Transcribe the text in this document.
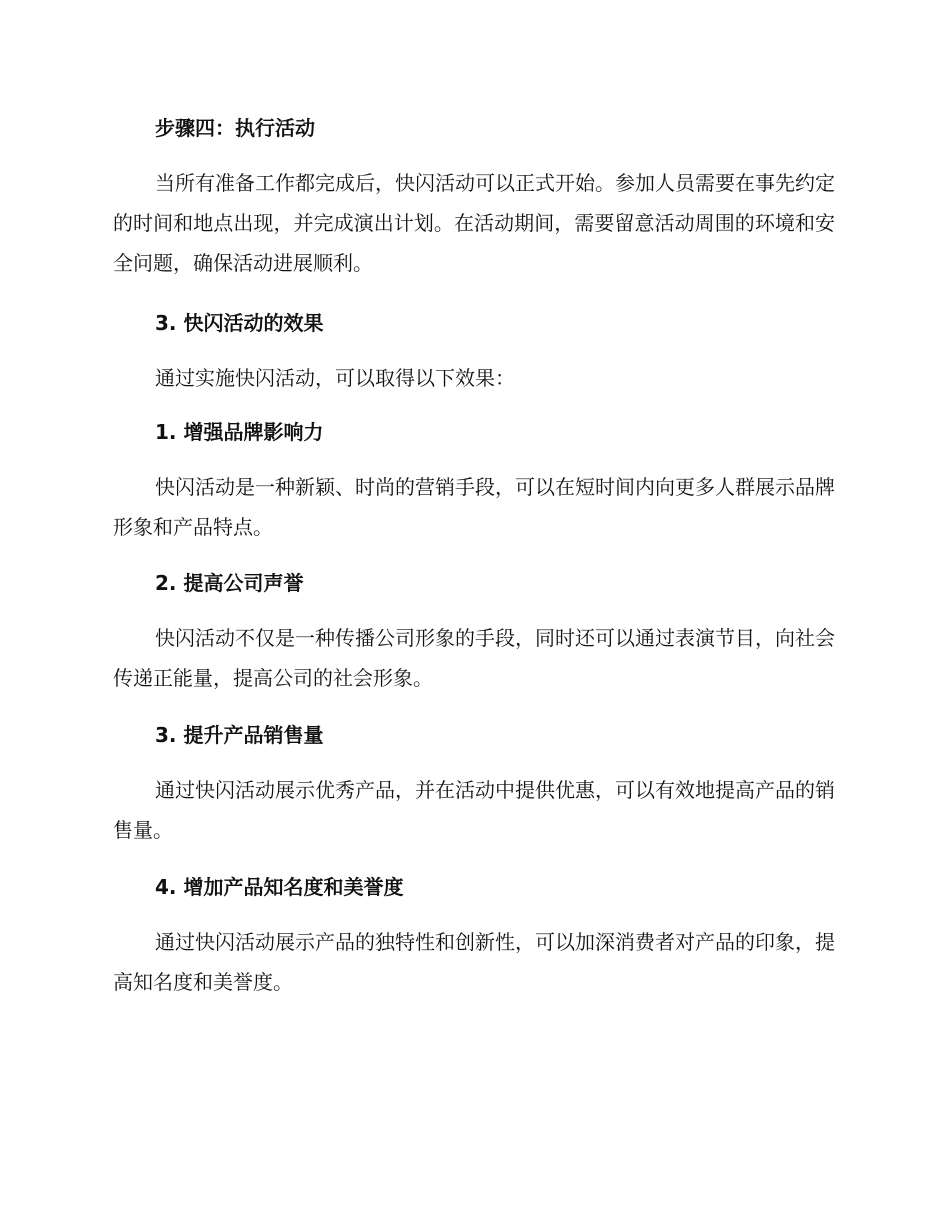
步骤四：执行活动

当所有准备工作都完成后，快闪活动可以正式开始。参加人员需要在事先约定的时间和地点出现，并完成演出计划。在活动期间，需要留意活动周围的环境和安全问题，确保活动进展顺利。

3. 快闪活动的效果

通过实施快闪活动，可以取得以下效果：

1. 增强品牌影响力

快闪活动是一种新颖、时尚的营销手段，可以在短时间内向更多人群展示品牌形象和产品特点。

2. 提高公司声誉

快闪活动不仅是一种传播公司形象的手段，同时还可以通过表演节目，向社会传递正能量，提高公司的社会形象。

3. 提升产品销售量

通过快闪活动展示优秀产品，并在活动中提供优惠，可以有效地提高产品的销售量。

4. 增加产品知名度和美誉度

通过快闪活动展示产品的独特性和创新性，可以加深消费者对产品的印象，提高知名度和美誉度。
